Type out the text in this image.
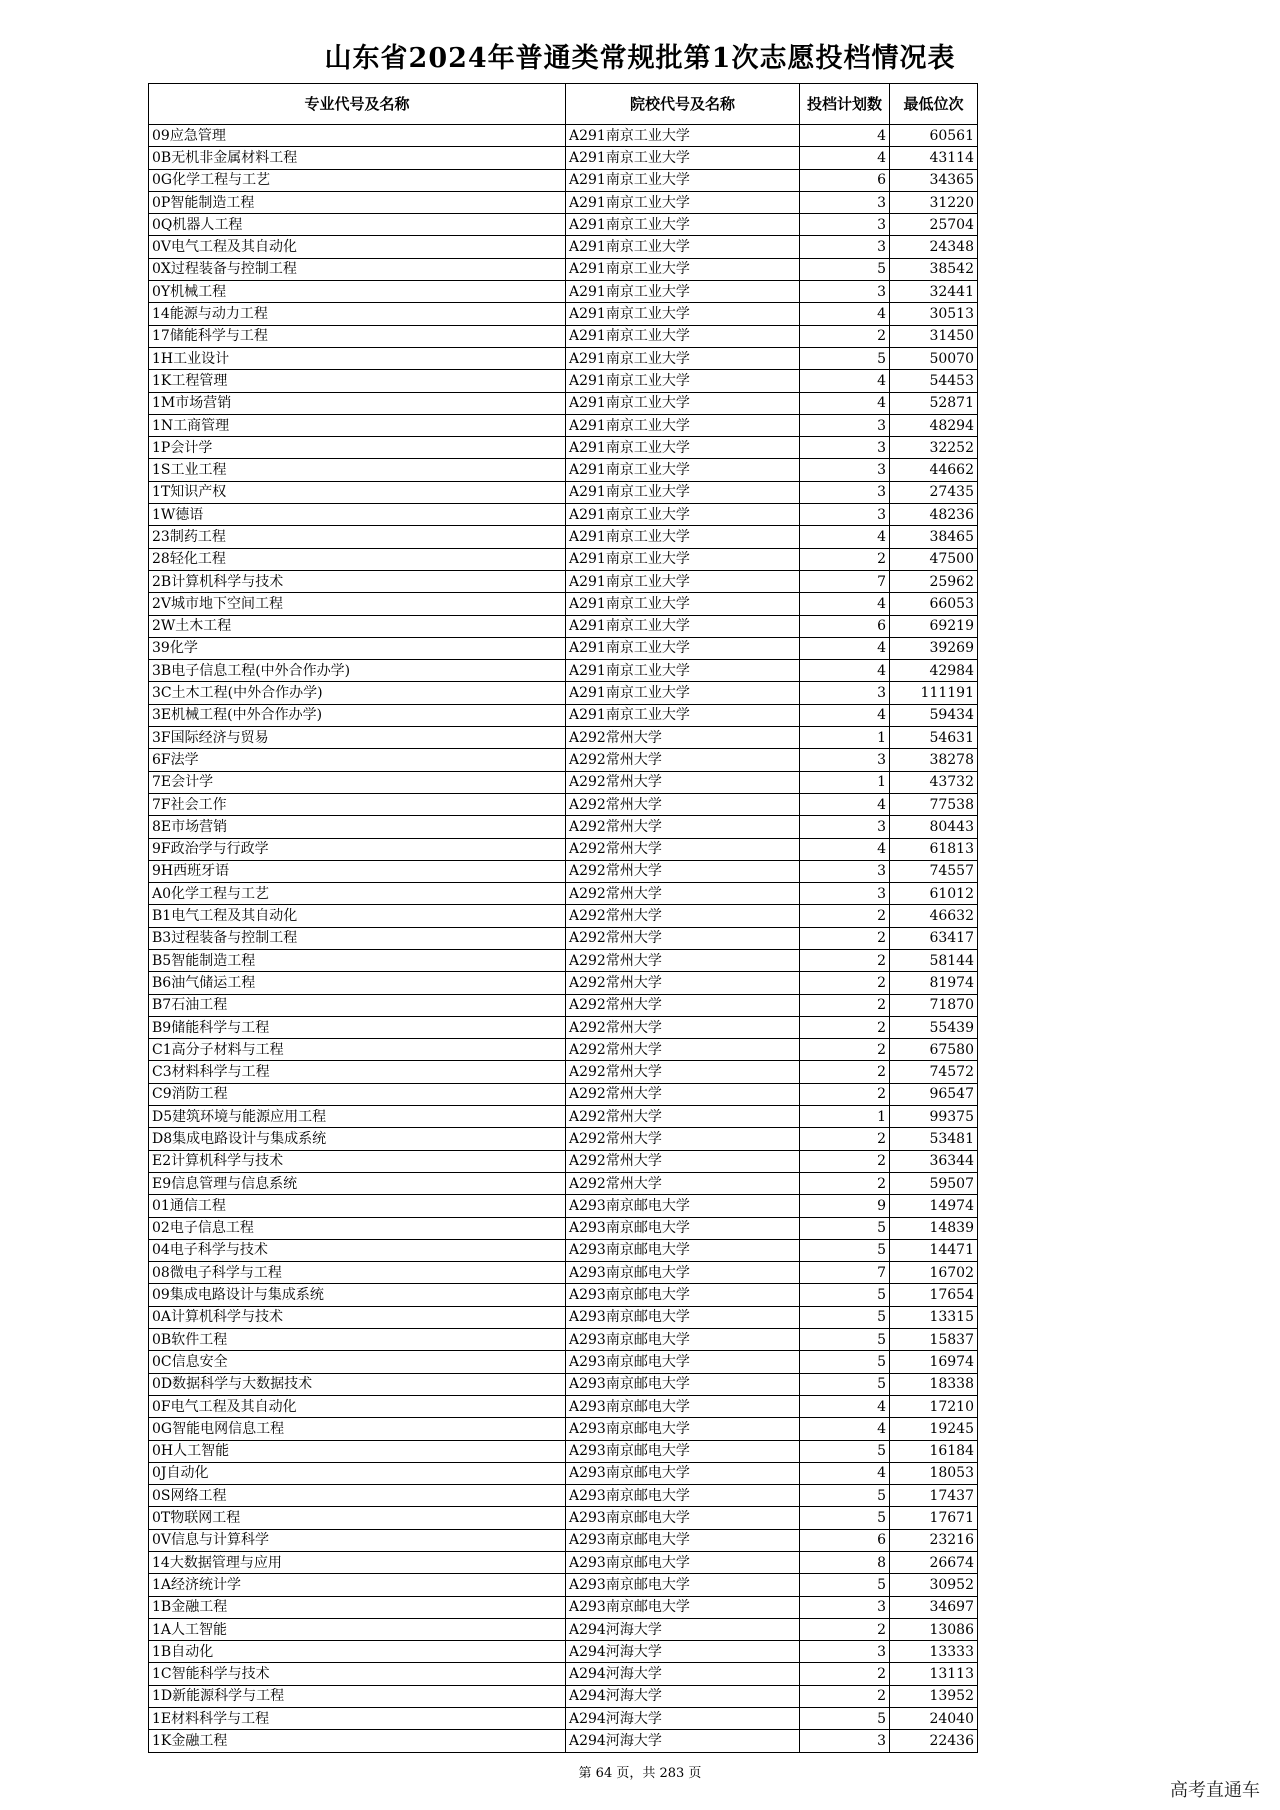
山东省2024年普通类常规批第1次志愿投档情况表
专业代号及名称	院校代号及名称	投档计划数	最低位次
09应急管理	A291南京工业大学	4	60561
0B无机非金属材料工程	A291南京工业大学	4	43114
0G化学工程与工艺	A291南京工业大学	6	34365
0P智能制造工程	A291南京工业大学	3	31220
0Q机器人工程	A291南京工业大学	3	25704
0V电气工程及其自动化	A291南京工业大学	3	24348
0X过程装备与控制工程	A291南京工业大学	5	38542
0Y机械工程	A291南京工业大学	3	32441
14能源与动力工程	A291南京工业大学	4	30513
17储能科学与工程	A291南京工业大学	2	31450
1H工业设计	A291南京工业大学	5	50070
1K工程管理	A291南京工业大学	4	54453
1M市场营销	A291南京工业大学	4	52871
1N工商管理	A291南京工业大学	3	48294
1P会计学	A291南京工业大学	3	32252
1S工业工程	A291南京工业大学	3	44662
1T知识产权	A291南京工业大学	3	27435
1W德语	A291南京工业大学	3	48236
23制药工程	A291南京工业大学	4	38465
28轻化工程	A291南京工业大学	2	47500
2B计算机科学与技术	A291南京工业大学	7	25962
2V城市地下空间工程	A291南京工业大学	4	66053
2W土木工程	A291南京工业大学	6	69219
39化学	A291南京工业大学	4	39269
3B电子信息工程(中外合作办学)	A291南京工业大学	4	42984
3C土木工程(中外合作办学)	A291南京工业大学	3	111191
3E机械工程(中外合作办学)	A291南京工业大学	4	59434
3F国际经济与贸易	A292常州大学	1	54631
6F法学	A292常州大学	3	38278
7E会计学	A292常州大学	1	43732
7F社会工作	A292常州大学	4	77538
8E市场营销	A292常州大学	3	80443
9F政治学与行政学	A292常州大学	4	61813
9H西班牙语	A292常州大学	3	74557
A0化学工程与工艺	A292常州大学	3	61012
B1电气工程及其自动化	A292常州大学	2	46632
B3过程装备与控制工程	A292常州大学	2	63417
B5智能制造工程	A292常州大学	2	58144
B6油气储运工程	A292常州大学	2	81974
B7石油工程	A292常州大学	2	71870
B9储能科学与工程	A292常州大学	2	55439
C1高分子材料与工程	A292常州大学	2	67580
C3材料科学与工程	A292常州大学	2	74572
C9消防工程	A292常州大学	2	96547
D5建筑环境与能源应用工程	A292常州大学	1	99375
D8集成电路设计与集成系统	A292常州大学	2	53481
E2计算机科学与技术	A292常州大学	2	36344
E9信息管理与信息系统	A292常州大学	2	59507
01通信工程	A293南京邮电大学	9	14974
02电子信息工程	A293南京邮电大学	5	14839
04电子科学与技术	A293南京邮电大学	5	14471
08微电子科学与工程	A293南京邮电大学	7	16702
09集成电路设计与集成系统	A293南京邮电大学	5	17654
0A计算机科学与技术	A293南京邮电大学	5	13315
0B软件工程	A293南京邮电大学	5	15837
0C信息安全	A293南京邮电大学	5	16974
0D数据科学与大数据技术	A293南京邮电大学	5	18338
0F电气工程及其自动化	A293南京邮电大学	4	17210
0G智能电网信息工程	A293南京邮电大学	4	19245
0H人工智能	A293南京邮电大学	5	16184
0J自动化	A293南京邮电大学	4	18053
0S网络工程	A293南京邮电大学	5	17437
0T物联网工程	A293南京邮电大学	5	17671
0V信息与计算科学	A293南京邮电大学	6	23216
14大数据管理与应用	A293南京邮电大学	8	26674
1A经济统计学	A293南京邮电大学	5	30952
1B金融工程	A293南京邮电大学	3	34697
1A人工智能	A294河海大学	2	13086
1B自动化	A294河海大学	3	13333
1C智能科学与技术	A294河海大学	2	13113
1D新能源科学与工程	A294河海大学	2	13952
1E材料科学与工程	A294河海大学	5	24040
1K金融工程	A294河海大学	3	22436
第 64 页，共 283 页
高考直通车
